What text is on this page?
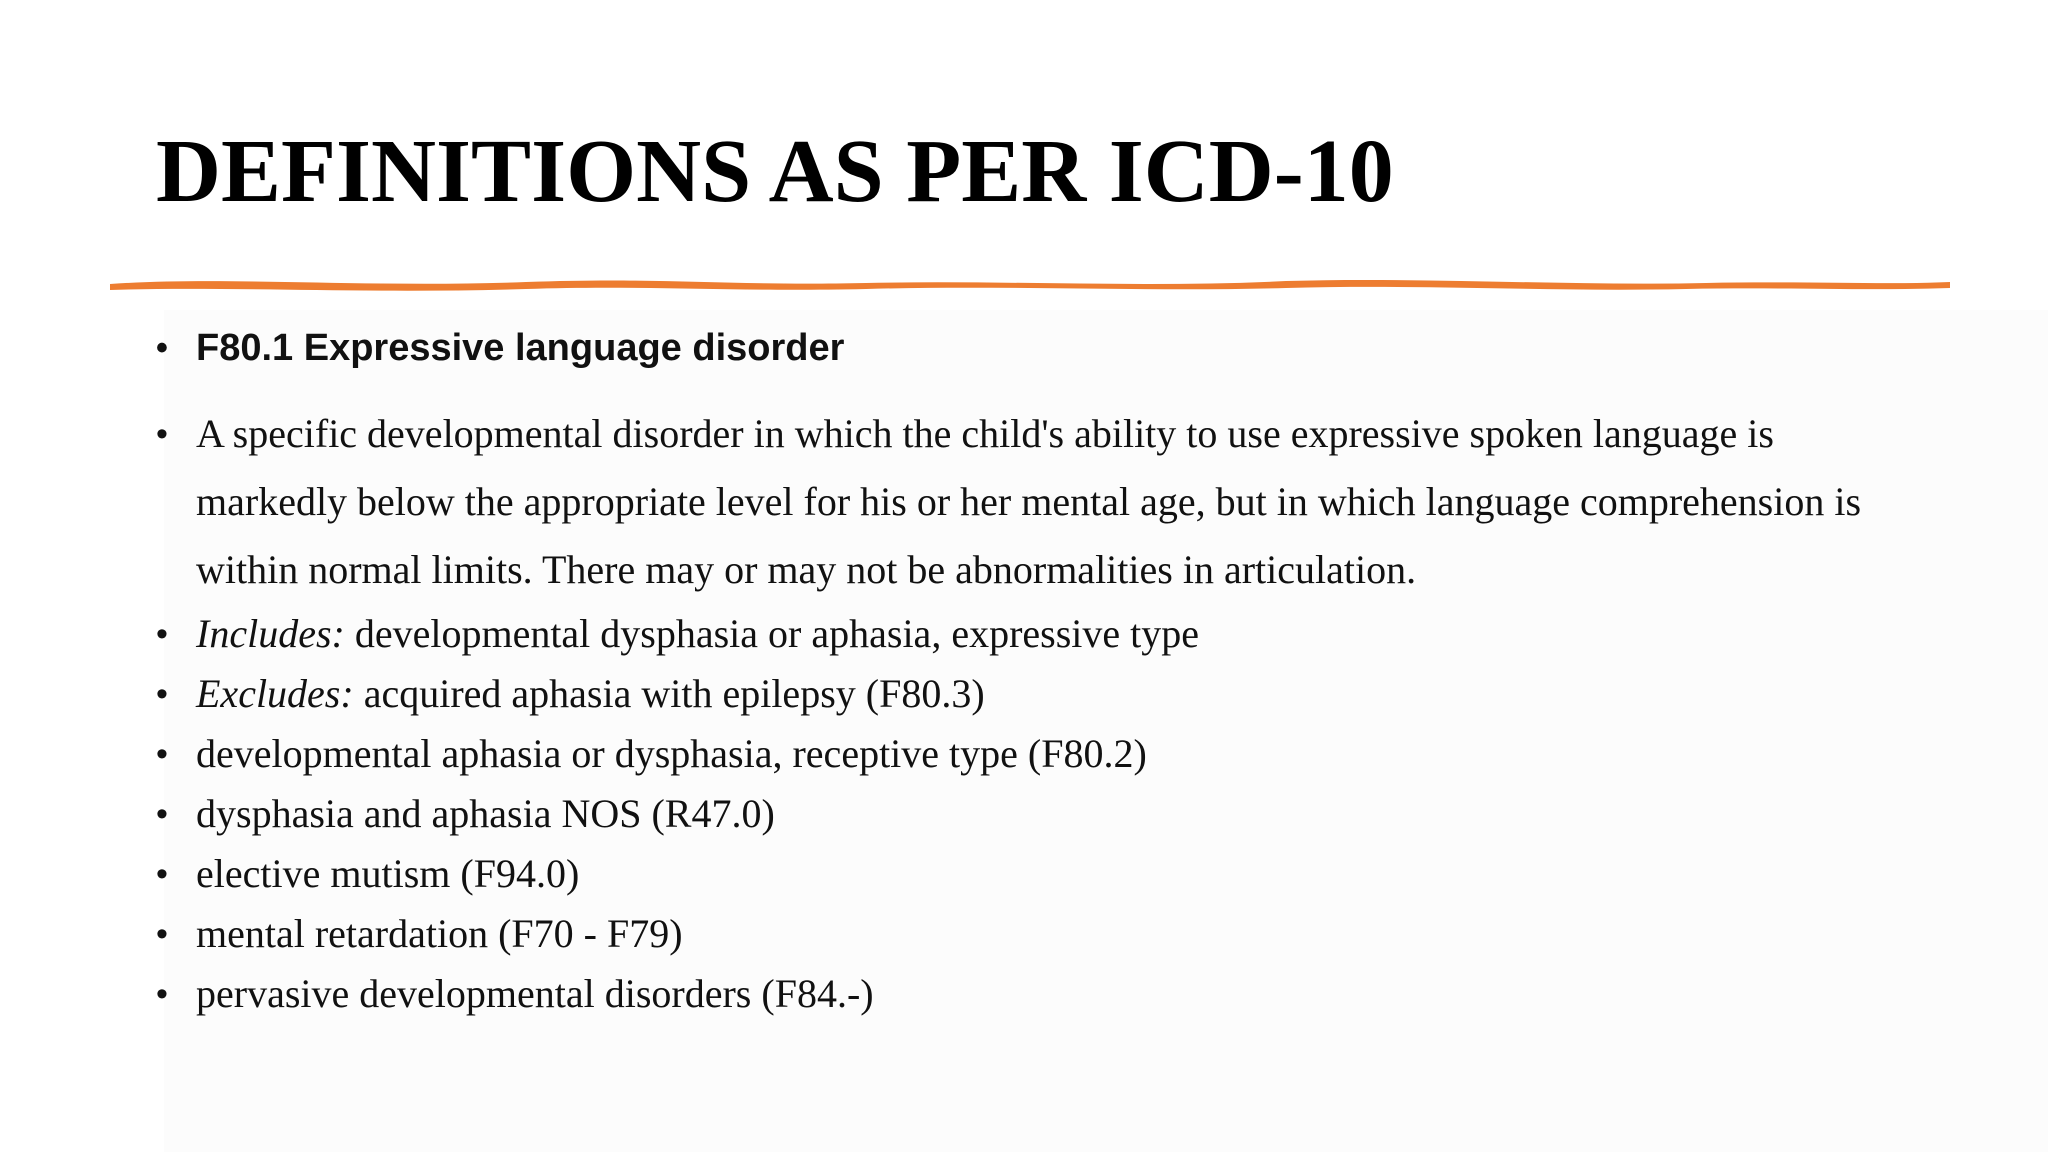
DEFINITIONS AS PER ICD-10
• F80.1 Expressive language disorder
• A specific developmental disorder in which the child's ability to use expressive spoken language is markedly below the appropriate level for his or her mental age, but in which language comprehension is within normal limits. There may or may not be abnormalities in articulation.
• Includes: developmental dysphasia or aphasia, expressive type
• Excludes: acquired aphasia with epilepsy (F80.3)
• developmental aphasia or dysphasia, receptive type (F80.2)
• dysphasia and aphasia NOS (R47.0)
• elective mutism (F94.0)
• mental retardation (F70 - F79)
• pervasive developmental disorders (F84.-)
